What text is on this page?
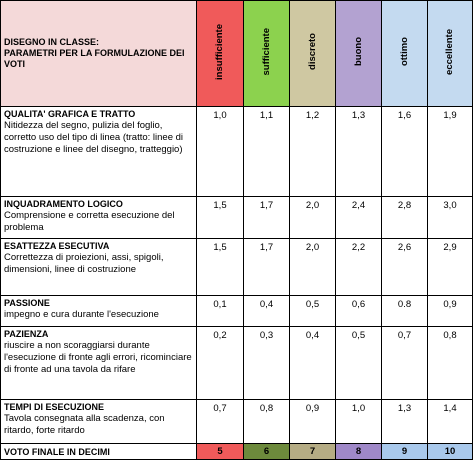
DISEGNO IN CLASSE:
PARAMETRI PER LA FORMULAZIONE DEI VOTI	insufficiente	sufficiente	discreto	buono	ottimo	eccellente

QUALITA' GRAFICA E TRATTO
Nitidezza del segno, pulizia del foglio, corretto uso del tipo di linea (tratto: linee di costruzione e linee del disegno, tratteggio)	1,0	1,1	1,2	1,3	1,6	1,9

INQUADRAMENTO LOGICO
Comprensione e corretta esecuzione del problema	1,5	1,7	2,0	2,4	2,8	3,0

ESATTEZZA ESECUTIVA
Correttezza di proiezioni, assi, spigoli, dimensioni, linee di costruzione	1,5	1,7	2,0	2,2	2,6	2,9

PASSIONE
impegno e cura durante l'esecuzione	0,1	0,4	0,5	0,6	0.8	0,9

PAZIENZA
riuscire a non scoraggiarsi durante l'esecuzione di fronte agli errori, ricominciare di fronte ad una tavola da rifare	0,2	0,3	0,4	0,5	0,7	0,8

TEMPI DI ESECUZIONE
Tavola consegnata alla scadenza, con ritardo, forte ritardo	0,7	0,8	0,9	1,0	1,3	1,4
VOTO FINALE IN DECIMI	5	6	7	8	9	10
